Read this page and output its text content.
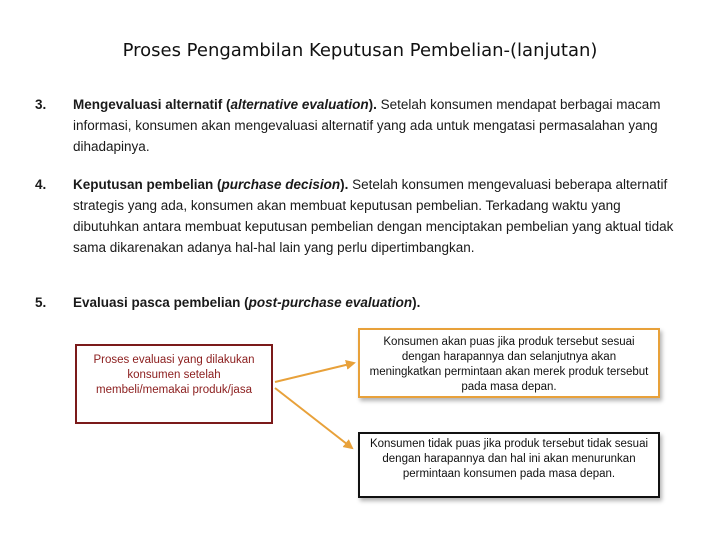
Proses Pengambilan Keputusan Pembelian-(lanjutan)
3. Mengevaluasi alternatif (alternative evaluation). Setelah konsumen mendapat berbagai macam informasi, konsumen akan mengevaluasi alternatif yang ada untuk mengatasi permasalahan yang dihadapinya.
4. Keputusan pembelian (purchase decision). Setelah konsumen mengevaluasi beberapa alternatif strategis yang ada, konsumen akan membuat keputusan pembelian. Terkadang waktu yang dibutuhkan antara membuat keputusan pembelian dengan menciptakan pembelian yang aktual tidak sama dikarenakan adanya hal-hal lain yang perlu dipertimbangkan.
5. Evaluasi pasca pembelian (post-purchase evaluation).
Proses evaluasi yang dilakukan konsumen setelah membeli/memakai produk/jasa
Konsumen akan puas jika produk tersebut sesuai dengan harapannya dan selanjutnya akan meningkatkan permintaan akan merek produk tersebut pada masa depan.
Konsumen tidak puas jika produk tersebut tidak sesuai dengan harapannya dan hal ini akan menurunkan permintaan konsumen pada masa depan.
